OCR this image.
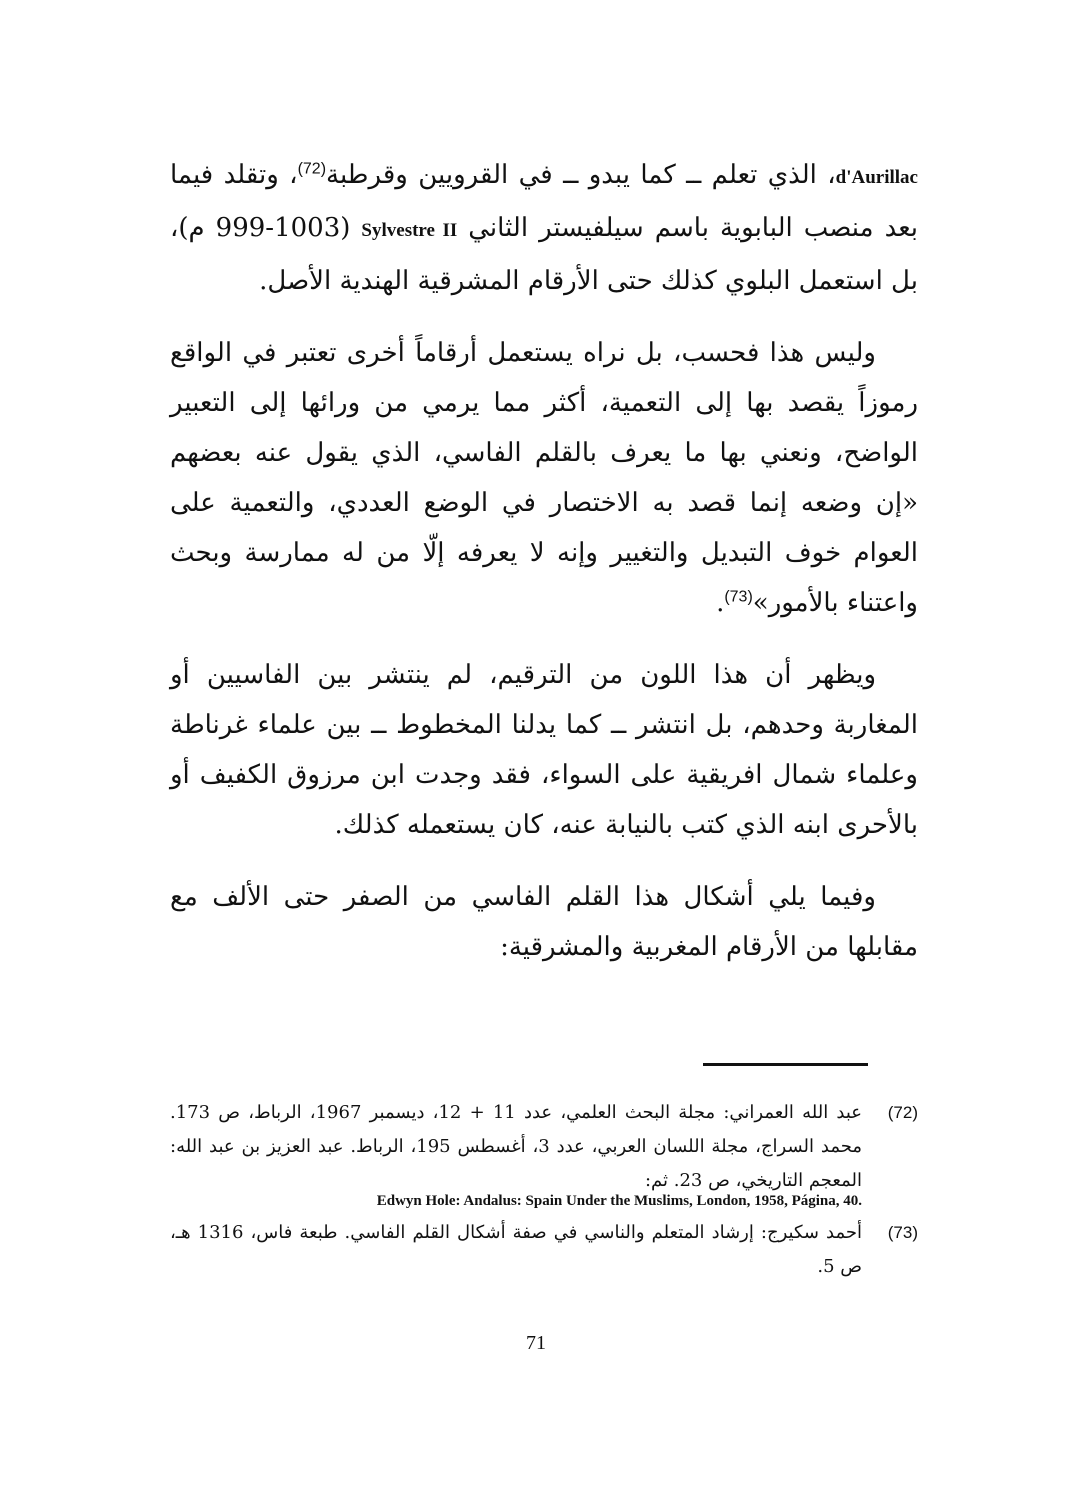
d'Aurillac، الذي تعلم ــ كما يبدو ــ في القرويين وقرطبة$^{(72)}$، وتقلد فيما بعد منصب البابوية باسم سيلفيستر الثاني Sylvestre II (999-1003 م)، بل استعمل البلوي كذلك حتى الأرقام المشرقية الهندية الأصل.

وليس هذا فحسب، بل نراه يستعمل أرقاماً أخرى تعتبر في الواقع رموزاً يقصد بها إلى التعمية، أكثر مما يرمي من ورائها إلى التعبير الواضح، ونعني بها ما يعرف بالقلم الفاسي، الذي يقول عنه بعضهم «إن وضعه إنما قصد به الاختصار في الوضع العددي، والتعمية على العوام خوف التبديل والتغيير وإنه لا يعرفه إلّا من له ممارسة وبحث واعتناء بالأمور»$^{(73)}$.

ويظهر أن هذا اللون من الترقيم، لم ينتشر بين الفاسيين أو المغاربة وحدهم، بل انتشر ــ كما يدلنا المخطوط ــ بين علماء غرناطة وعلماء شمال افريقية على السواء، فقد وجدت ابن مرزوق الكفيف أو بالأحرى ابنه الذي كتب بالنيابة عنه، كان يستعمله كذلك.

وفيما يلي أشكال هذا القلم الفاسي من الصفر حتى الألف مع مقابلها من الأرقام المغربية والمشرقية:

(72)
عبد الله العمراني: مجلة البحث العلمي، عدد 11 + 12، ديسمبر 1967، الرباط، ص 173. محمد السراج، مجلة اللسان العربي، عدد 3، أغسطس 195، الرباط. عبد العزيز بن عبد الله: المعجم التاريخي، ص 23. ثم:
Edwyn Hole: Andalus: Spain Under the Muslims, London, 1958, Página, 40.
(73)
أحمد سكيرج: إرشاد المتعلم والناسي في صفة أشكال القلم الفاسي. طبعة فاس، 1316 هـ، ص 5.
71
